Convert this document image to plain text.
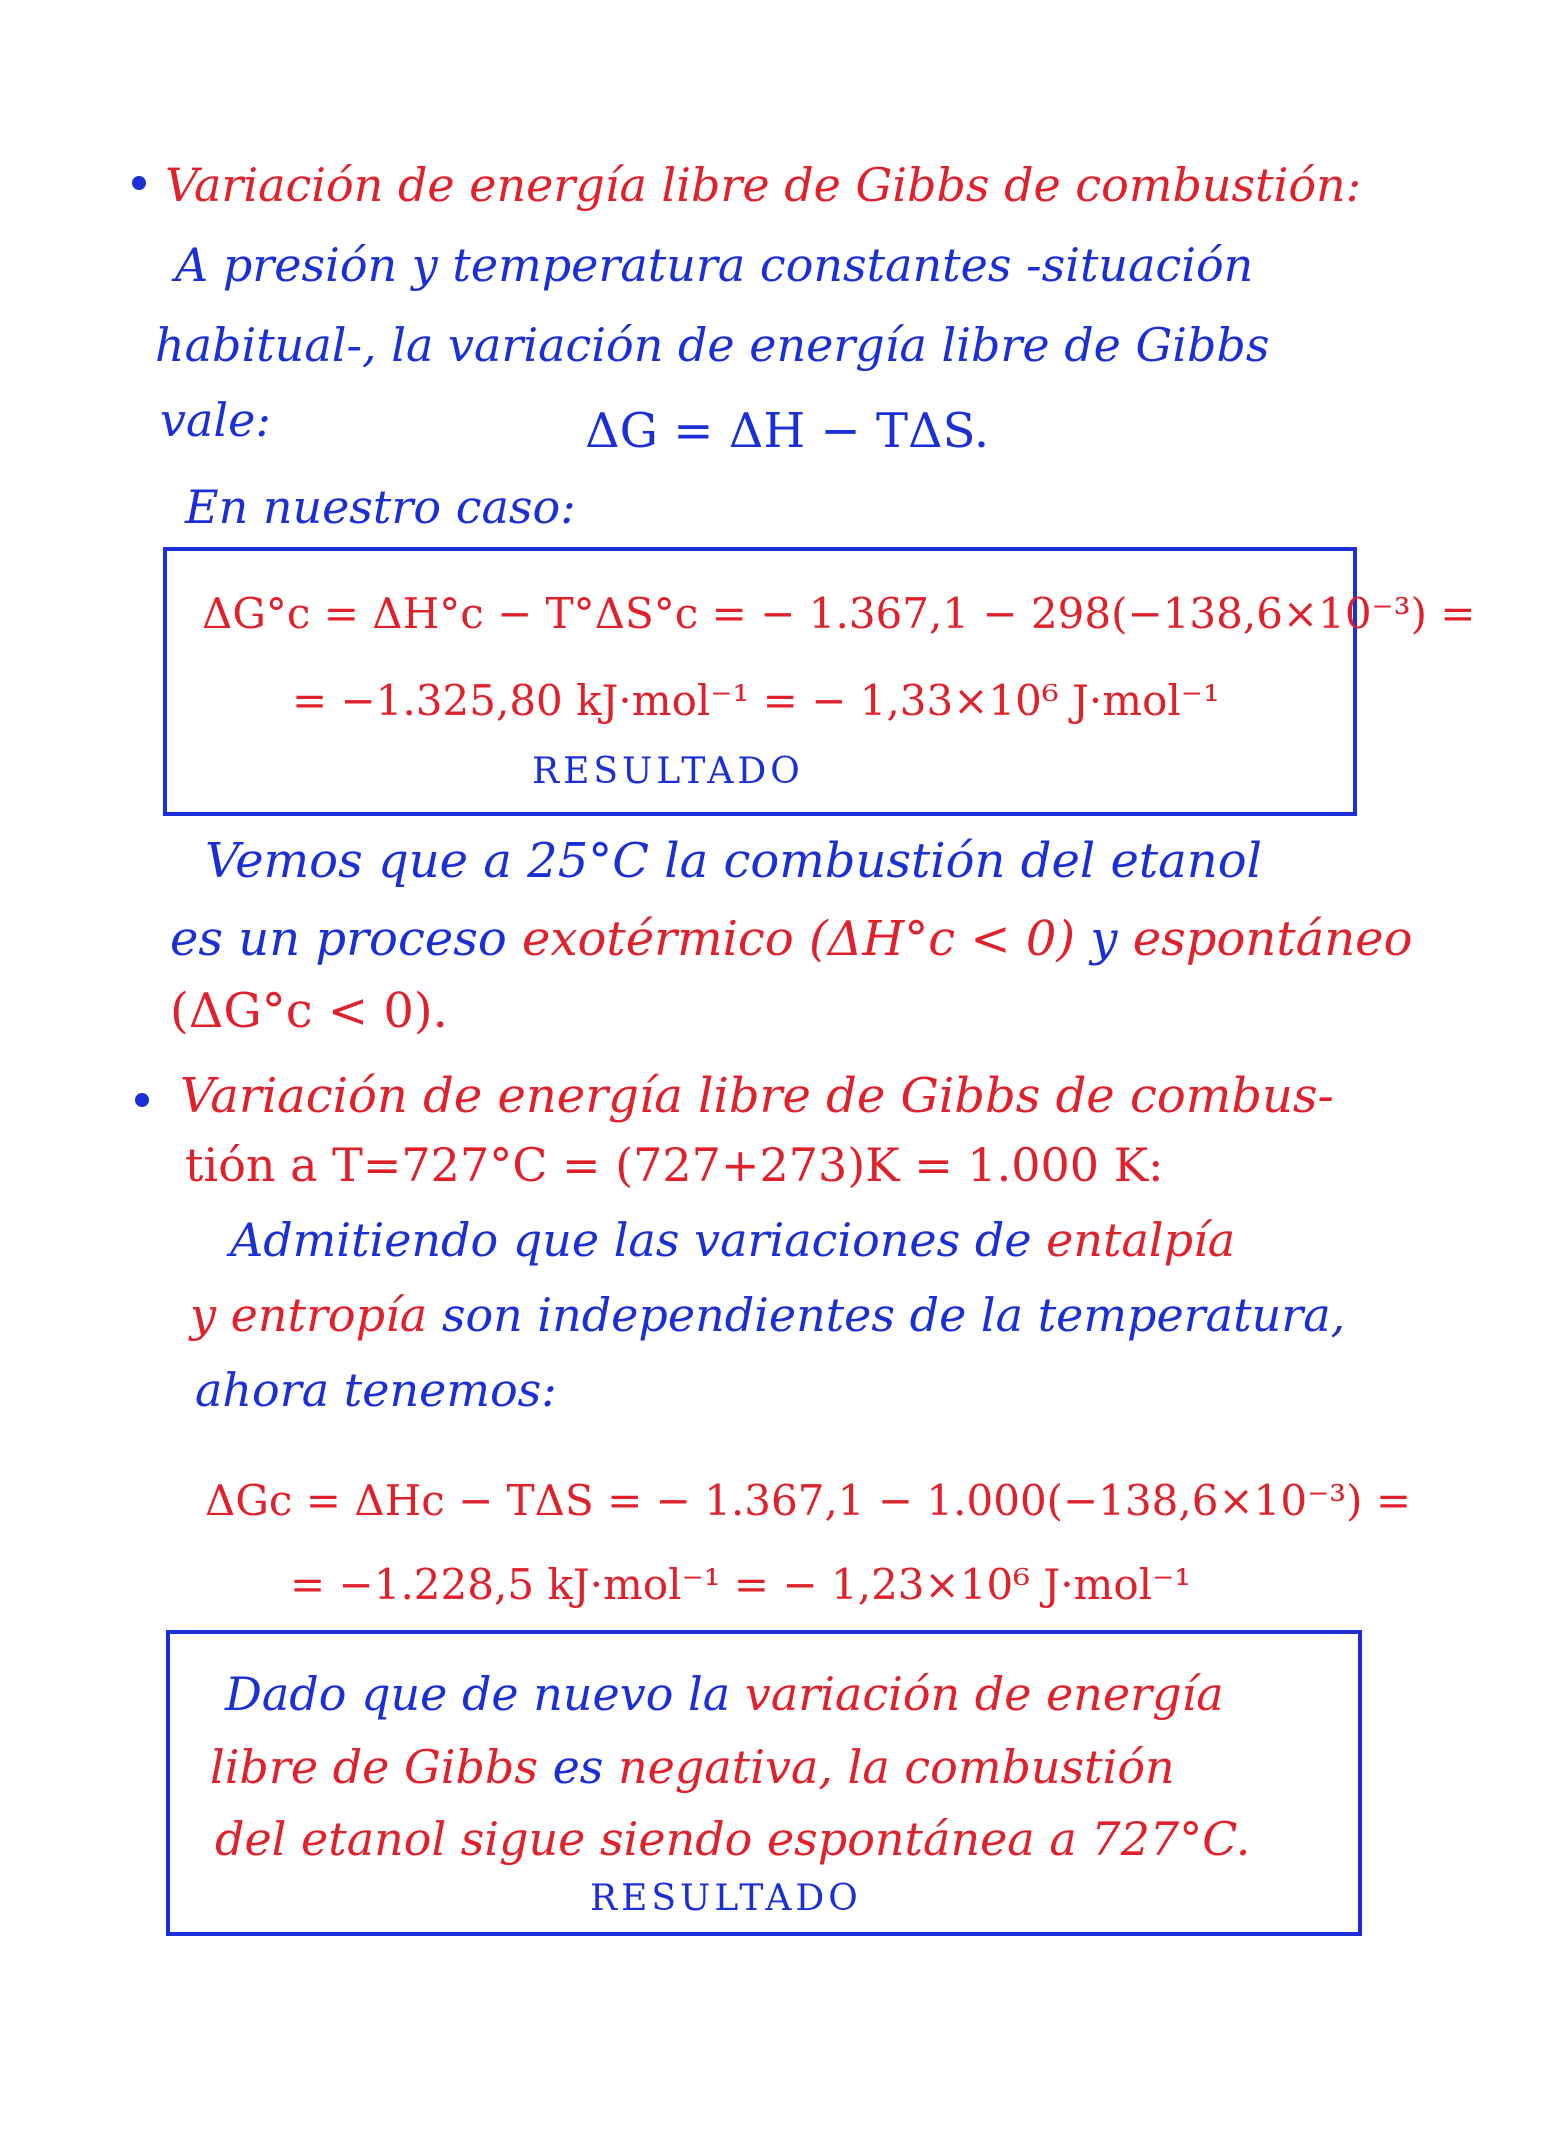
Variación de energía libre de Gibbs de combustión:
A presión y temperatura constantes -situación
habitual-, la variación de energía libre de Gibbs
vale:	ΔG = ΔH − TΔS.
En nuestro caso:
ΔG°c = ΔH°c − T°ΔS°c = − 1.367,1 − 298(−138,6×10⁻³) =
= −1.325,80 kJ·mol⁻¹ = − 1,33×10⁶ J·mol⁻¹
RESULTADO
Vemos que a 25°C la combustión del etanol
es un proceso exotérmico (ΔH°c < 0) y espontáneo
(ΔG°c < 0).
Variación de energía libre de Gibbs de combus-
tión a T=727°C = (727+273)K = 1.000 K:
Admitiendo que las variaciones de entalpía
y entropía son independientes de la temperatura,
ahora tenemos:
ΔGc = ΔHc − TΔS = − 1.367,1 − 1.000(−138,6×10⁻³) =
= −1.228,5 kJ·mol⁻¹ = − 1,23×10⁶ J·mol⁻¹
Dado que de nuevo la variación de energía
libre de Gibbs es negativa, la combustión
del etanol sigue siendo espontánea a 727°C.
RESULTADO
